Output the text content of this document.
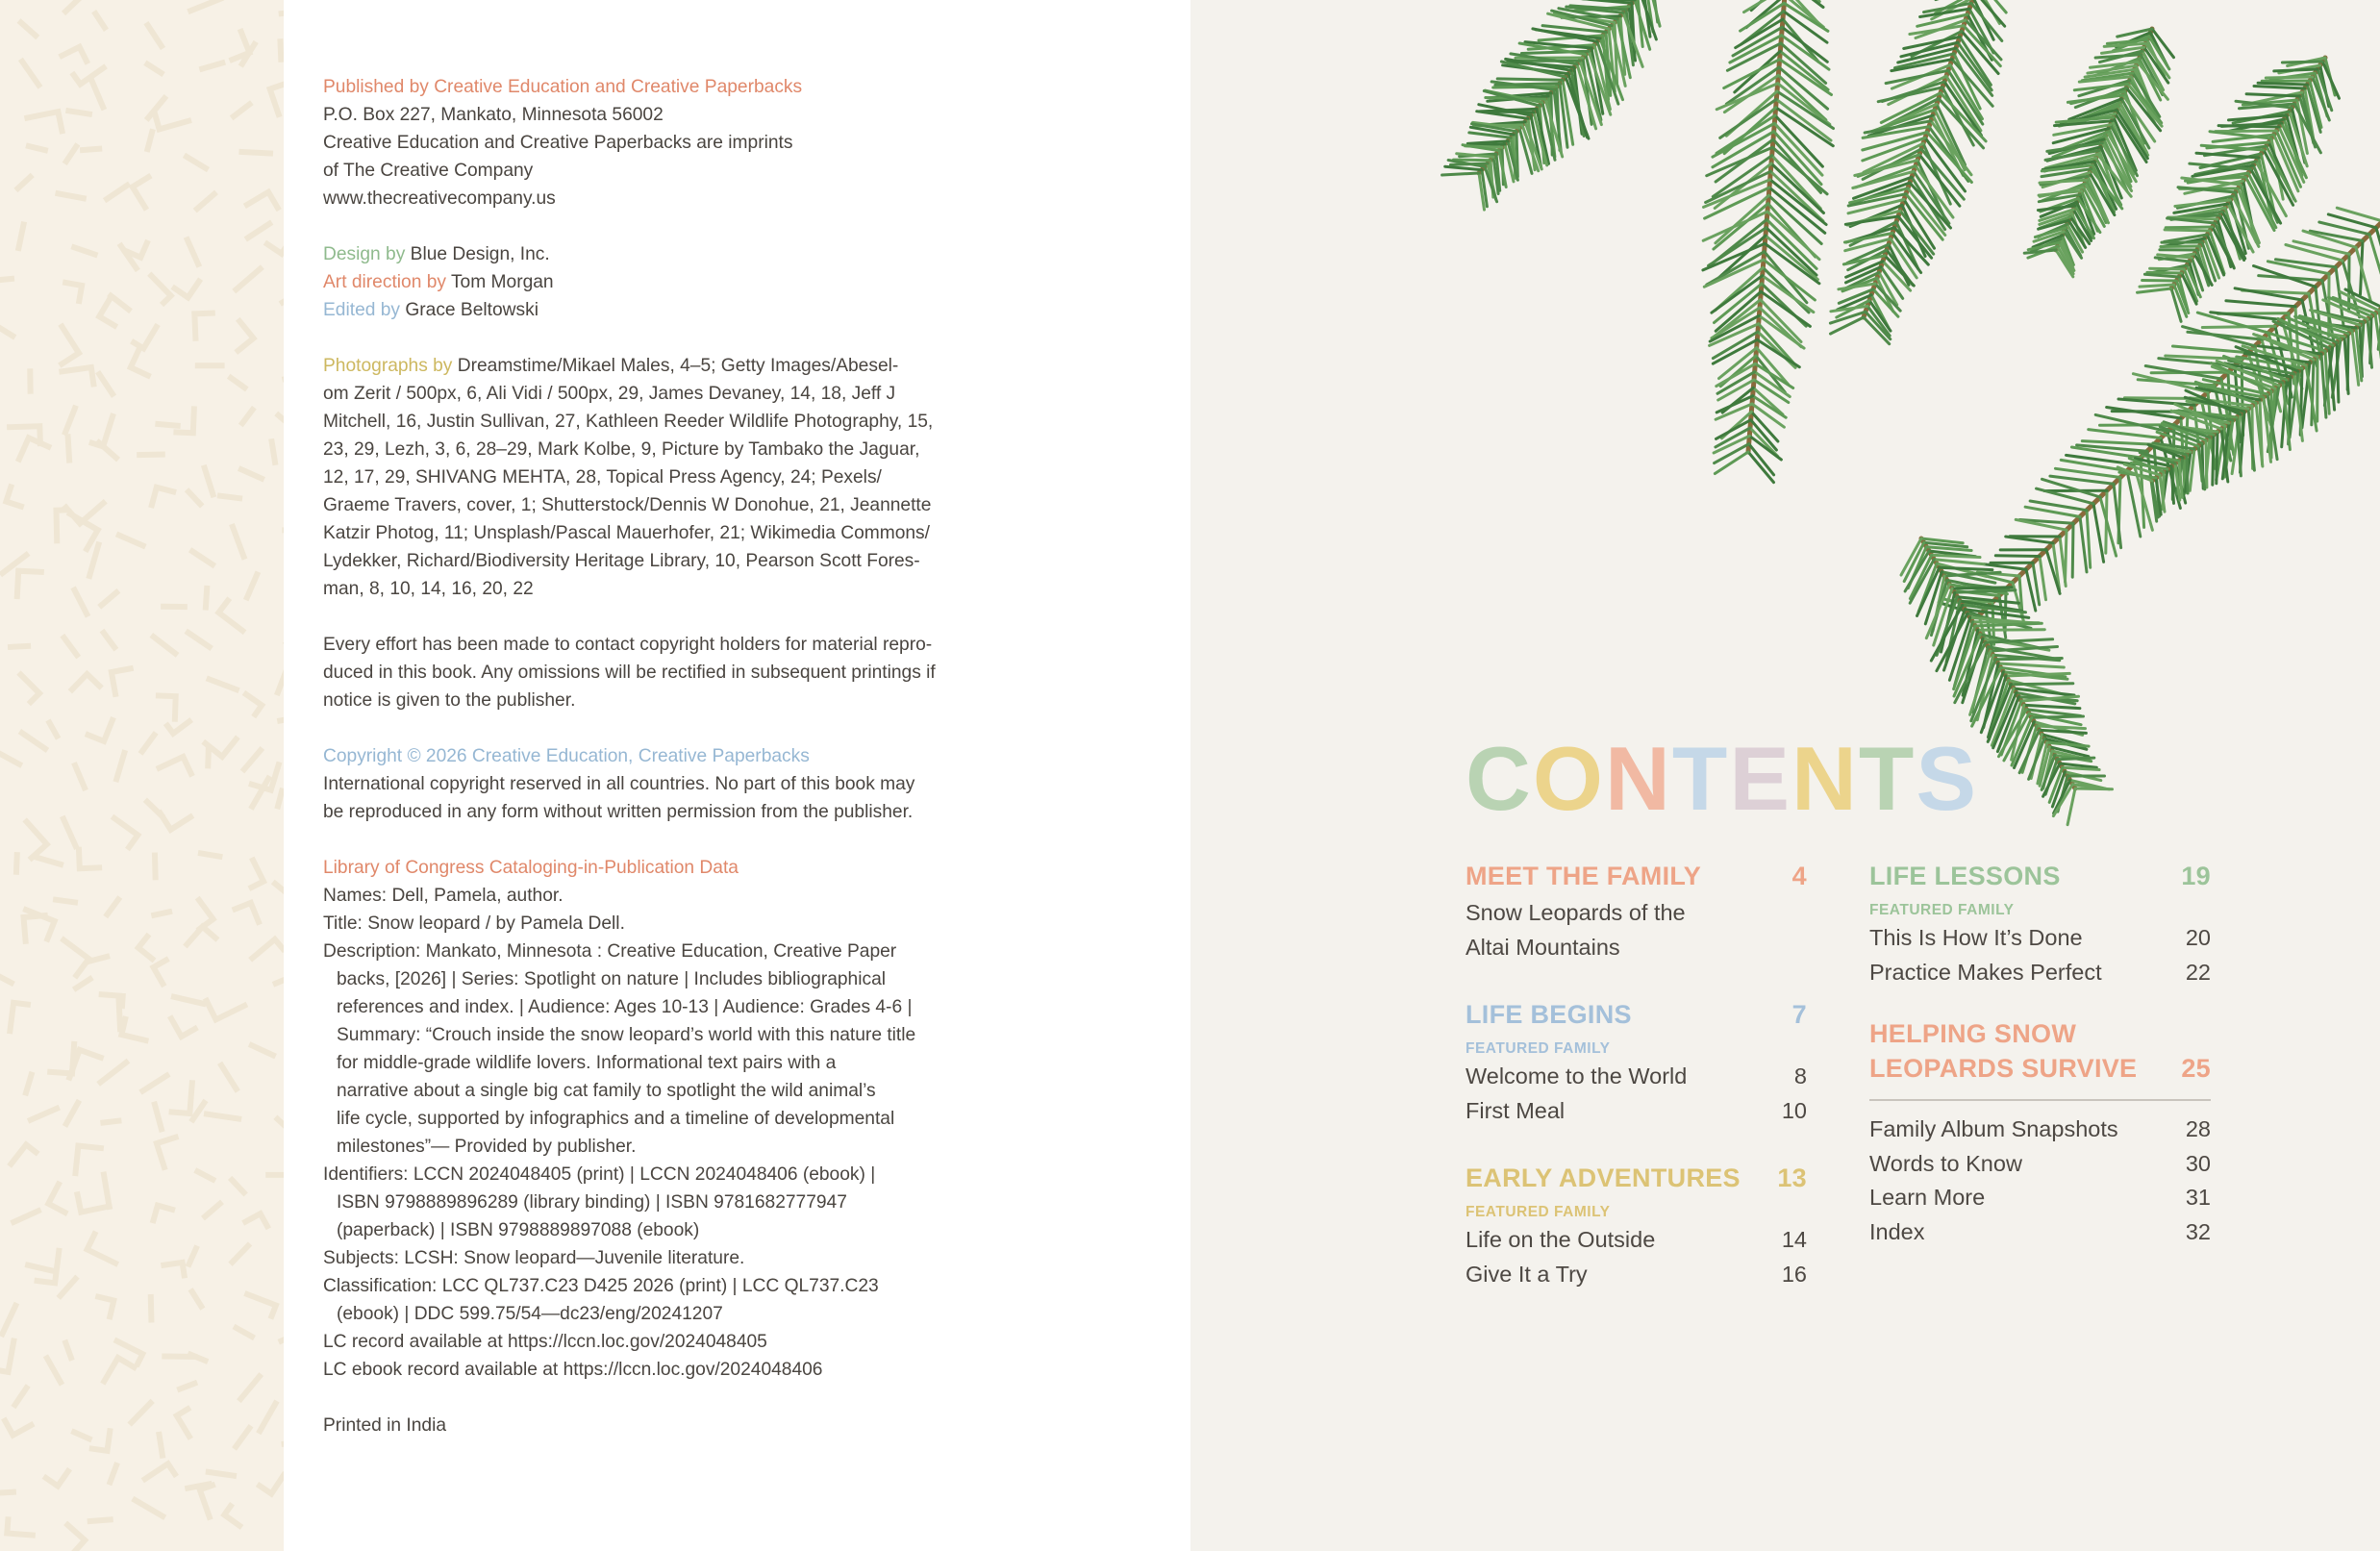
Published by Creative Education and Creative Paperbacks
P.O. Box 227, Mankato, Minnesota 56002
Creative Education and Creative Paperbacks are imprints
of The Creative Company
www.thecreativecompany.us
Design by Blue Design, Inc.
Art direction by Tom Morgan
Edited by Grace Beltowski
Photographs by Dreamstime/Mikael Males, 4–5; Getty Images/Abesel-
om Zerit / 500px, 6, Ali Vidi / 500px, 29, James Devaney, 14, 18, Jeff J
Mitchell, 16, Justin Sullivan, 27, Kathleen Reeder Wildlife Photography, 15,
23, 29, Lezh, 3, 6, 28–29, Mark Kolbe, 9, Picture by Tambako the Jaguar,
12, 17, 29, SHIVANG MEHTA, 28, Topical Press Agency, 24; Pexels/
Graeme Travers, cover, 1; Shutterstock/Dennis W Donohue, 21, Jeannette
Katzir Photog, 11; Unsplash/Pascal Mauerhofer, 21; Wikimedia Commons/
Lydekker, Richard/Biodiversity Heritage Library, 10, Pearson Scott Fores-
man, 8, 10, 14, 16, 20, 22
Every effort has been made to contact copyright holders for material repro-
duced in this book. Any omissions will be rectified in subsequent printings if
notice is given to the publisher.
Copyright © 2026 Creative Education, Creative Paperbacks
International copyright reserved in all countries. No part of this book may
be reproduced in any form without written permission from the publisher.
Library of Congress Cataloging-in-Publication Data
Names: Dell, Pamela, author.
Title: Snow leopard / by Pamela Dell.
Description: Mankato, Minnesota : Creative Education, Creative Paper
backs, [2026] | Series: Spotlight on nature | Includes bibliographical
references and index. | Audience: Ages 10-13 | Audience: Grades 4-6 |
Summary: “Crouch inside the snow leopard’s world with this nature title
for middle-grade wildlife lovers. Informational text pairs with a
narrative about a single big cat family to spotlight the wild animal’s
life cycle, supported by infographics and a timeline of developmental
milestones”— Provided by publisher.
Identifiers: LCCN 2024048405 (print) | LCCN 2024048406 (ebook) |
ISBN 9798889896289 (library binding) | ISBN 9781682777947
(paperback) | ISBN 9798889897088 (ebook)
Subjects: LCSH: Snow leopard—Juvenile literature.
Classification: LCC QL737.C23 D425 2026 (print) | LCC QL737.C23
(ebook) | DDC 599.75/54—dc23/eng/20241207
LC record available at https://lccn.loc.gov/2024048405
LC ebook record available at https://lccn.loc.gov/2024048406
Printed in India
CONTENTS
MEET THE FAMILY	4
Snow Leopards of the
Altai Mountains
LIFE BEGINS	7
FEATURED FAMILY
Welcome to the World	8
First Meal	10
EARLY ADVENTURES 13
FEATURED FAMILY
Life on the Outside	14
Give It a Try	16
LIFE LESSONS	19
FEATURED FAMILY
This Is How It’s Done	20
Practice Makes Perfect	22
HELPING SNOW
LEOPARDS SURVIVE 25
Family Album Snapshots	28
Words to Know	30
Learn More	31
Index	32
